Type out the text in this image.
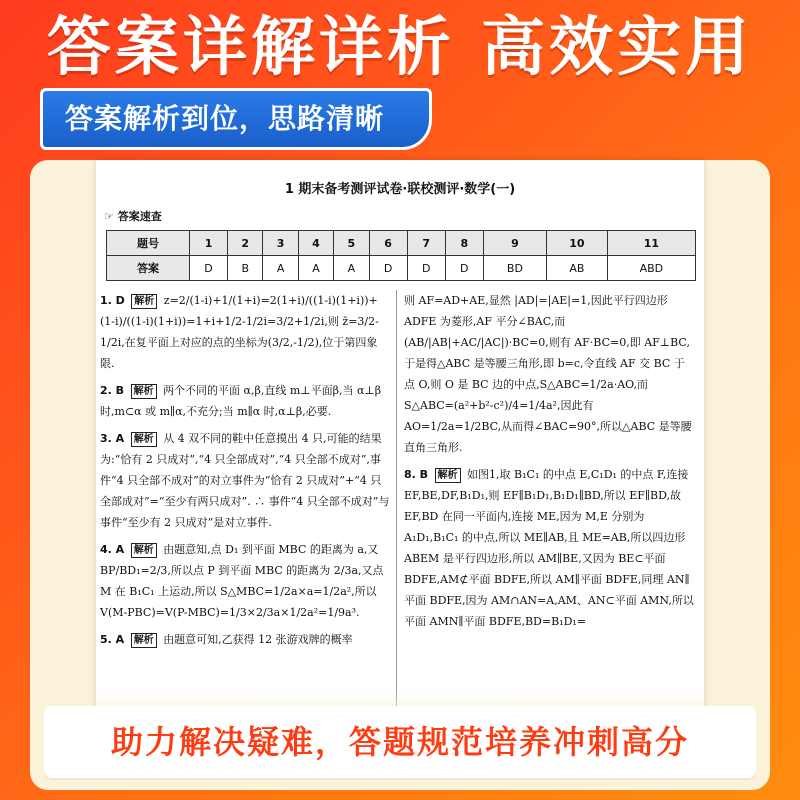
答案详解详析 高效实用
答案解析到位，思路清晰
1 期末备考测评试卷·联校测评·数学(一)
☞ 答案速查
题号	1	2	3	4	5	6	7	8	9	10	11
答案	D	B	A	A	A	D	D	D	BD	AB	ABD
1. D 解析 z=2/(1-i)+1/(1+i)=2(1+i)/((1-i)(1+i))+(1-i)/((1-i)(1+i))=1+i+1/2-1/2i=3/2+1/2i,则 z̄=3/2-1/2i,在复平面上对应的点的坐标为(3/2,-1/2),位于第四象限.
2. B 解析 两个不同的平面 α,β,直线 m⊥平面β,当 α⊥β 时,m⊂α 或 m∥α,不充分;当 m∥α 时,α⊥β,必要.
3. A 解析 从 4 双不同的鞋中任意摸出 4 只,可能的结果为:“恰有 2 只成对”,“4 只全部成对”,“4 只全部不成对”,事件“4 只全部不成对”的对立事件为“恰有 2 只成对”+“4 只全部成对”=“至少有两只成对”. ∴ 事件“4 只全部不成对”与事件“至少有 2 只成对”是对立事件.
4. A 解析 由题意知,点 D₁ 到平面 MBC 的距离为 a,又 BP/BD₁=2/3,所以点 P 到平面 MBC 的距离为 2/3a,又点 M 在 B₁C₁ 上运动,所以 S△MBC=1/2a×a=1/2a²,所以 V(M-PBC)=V(P-MBC)=1/3×2/3a×1/2a²=1/9a³.
5. A 解析 由题意可知,乙获得 12 张游戏牌的概率
则 AF=AD+AE,显然 |AD|=|AE|=1,因此平行四边形 ADFE 为菱形,AF 平分∠BAC,而(AB/|AB|+AC/|AC|)·BC=0,则有 AF·BC=0,即 AF⊥BC,于是得△ABC 是等腰三角形,即 b=c,令直线 AF 交 BC 于点 O,则 O 是 BC 边的中点,S△ABC=1/2a·AO,而 S△ABC=(a²+b²-c²)/4=1/4a²,因此有 AO=1/2a=1/2BC,从而得∠BAC=90°,所以△ABC 是等腰直角三角形.
8. B 解析 如图1,取 B₁C₁ 的中点 E,C₁D₁ 的中点 F,连接 EF,BE,DF,B₁D₁,则 EF∥B₁D₁,B₁D₁∥BD,所以 EF∥BD,故 EF,BD 在同一平面内,连接 ME,因为 M,E 分别为 A₁D₁,B₁C₁ 的中点,所以 ME∥AB,且 ME=AB,所以四边形 ABEM 是平行四边形,所以 AM∥BE,又因为 BE⊂平面 BDFE,AM⊄平面 BDFE,所以 AM∥平面 BDFE,同理 AN∥平面 BDFE,因为 AM∩AN=A,AM、AN⊂平面 AMN,所以平面 AMN∥平面 BDFE,BD=B₁D₁=
助力解决疑难，答题规范培养冲刺高分
